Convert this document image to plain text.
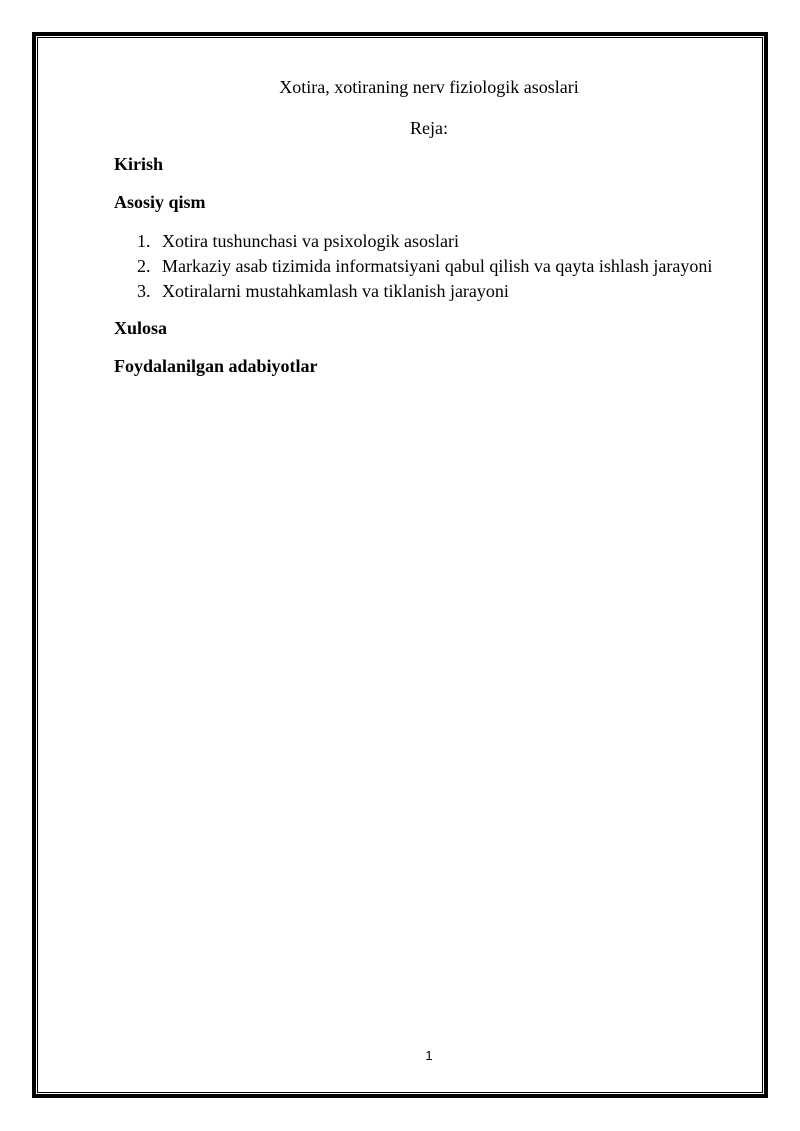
Xotira, xotiraning nerv fiziologik asoslari

Reja:

Kirish

Asosiy qism

1. Xotira tushunchasi va psixologik asoslari
2. Markaziy asab tizimida informatsiyani qabul qilish va qayta ishlash jarayoni
3. Xotiralarni mustahkamlash va tiklanish jarayoni

Xulosa

Foydalanilgan adabiyotlar

1
